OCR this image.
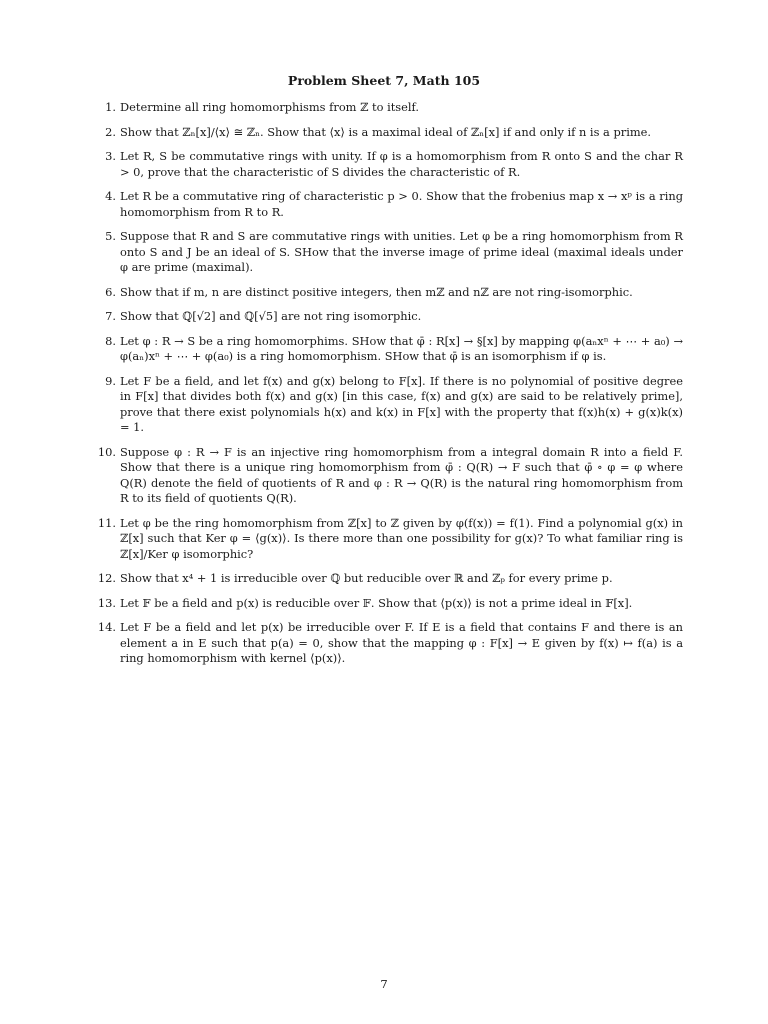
Problem Sheet 7, Math 105
1. Determine all ring homomorphisms from ℤ to itself.
2. Show that ℤₙ[x]/⟨x⟩ ≅ ℤₙ. Show that ⟨x⟩ is a maximal ideal of ℤₙ[x] if and only if n is a prime.
3. Let R, S be commutative rings with unity. If φ is a homomorphism from R onto S and the char R > 0, prove that the characteristic of S divides the characteristic of R.
4. Let R be a commutative ring of characteristic p > 0. Show that the frobenius map x → xᵖ is a ring homomorphism from R to R.
5. Suppose that R and S are commutative rings with unities. Let φ be a ring homomorphism from R onto S and J be an ideal of S. SHow that the inverse image of prime ideal (maximal ideals under φ are prime (maximal).
6. Show that if m, n are distinct positive integers, then mℤ and nℤ are not ring-isomorphic.
7. Show that ℚ[√2] and ℚ[√5] are not ring isomorphic.
8. Let φ : R → S be a ring homomorphims. SHow that φ̄ : R[x] → §[x] by mapping φ(aₙxⁿ + ⋯ + a₀) → φ(aₙ)xⁿ + ⋯ + φ(a₀) is a ring homomorphism. SHow that φ̄ is an isomorphism if φ is.
9. Let F be a field, and let f(x) and g(x) belong to F[x]. If there is no polynomial of positive degree in F[x] that divides both f(x) and g(x) [in this case, f(x) and g(x) are said to be relatively prime], prove that there exist polynomials h(x) and k(x) in F[x] with the property that f(x)h(x) + g(x)k(x) = 1.
10. Suppose φ : R → F is an injective ring homomorphism from a integral domain R into a field F. Show that there is a unique ring homomorphism from φ̄ : Q(R) → F such that φ̄ ∘ φ = φ where Q(R) denote the field of quotients of R and φ : R → Q(R) is the natural ring homomorphism from R to its field of quotients Q(R).
11. Let φ be the ring homomorphism from ℤ[x] to ℤ given by φ(f(x)) = f(1). Find a polynomial g(x) in ℤ[x] such that Ker φ = ⟨g(x)⟩. Is there more than one possibility for g(x)? To what familiar ring is ℤ[x]/Ker φ isomorphic?
12. Show that x⁴ + 1 is irreducible over ℚ but reducible over ℝ and ℤₚ for every prime p.
13. Let 𝔽 be a field and p(x) is reducible over 𝔽. Show that ⟨p(x)⟩ is not a prime ideal in 𝔽[x].
14. Let F be a field and let p(x) be irreducible over F. If E is a field that contains F and there is an element a in E such that p(a) = 0, show that the mapping φ : F[x] → E given by f(x) ↦ f(a) is a ring homomorphism with kernel ⟨p(x)⟩.
7
